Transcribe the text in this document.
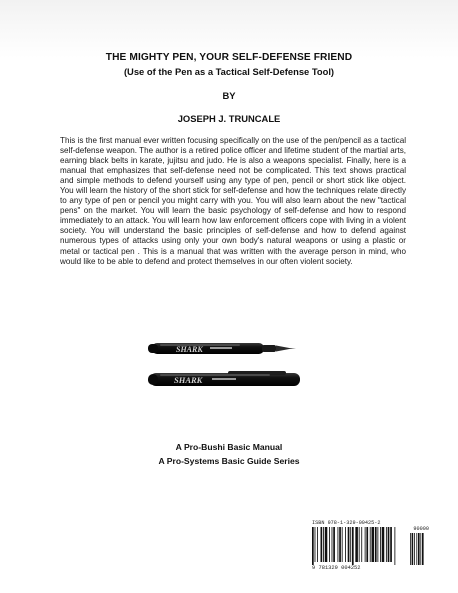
THE MIGHTY PEN, YOUR SELF-DEFENSE FRIEND
(Use of the Pen as a Tactical Self-Defense Tool)
BY
JOSEPH J. TRUNCALE

This is the first manual ever written focusing specifically on the use of the pen/pencil as a tactical self-defense weapon. The author is a retired police officer and lifetime student of the martial arts, earning black belts in karate, jujitsu and judo. He is also a weapons specialist. Finally, here is a manual that emphasizes that self-defense need not be complicated. This text shows practical and simple methods to defend yourself using any type of pen, pencil or short stick like object. You will learn the history of the short stick for self-defense and how the techniques relate directly to any type of pen or pencil you might carry with you. You will also learn about the new "tactical pens" on the market. You will learn the basic psychology of self-defense and how to respond immediately to an attack. You will learn how law enforcement officers cope with living in a violent society. You will understand the basic principles of self-defense and how to defend against numerous types of attacks using only your own body's natural weapons or using a plastic or metal or tactical pen . This is a manual that was written with the average person in mind, who would like to be able to defend and protect themselves in our often violent society.

SHARK
SHARK
A Pro-Bushi Basic Manual
A Pro-Systems Basic Guide Series
ISBN 978-1-329-00425-2
90000
9 781329 004252
